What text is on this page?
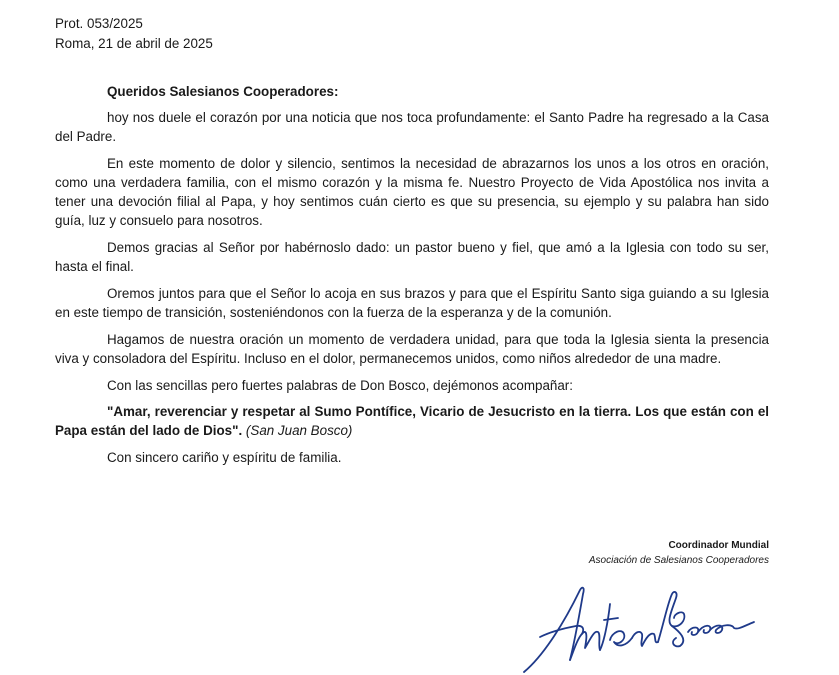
Prot. 053/2025
Roma, 21 de abril de 2025

Queridos Salesianos Cooperadores:

hoy nos duele el corazón por una noticia que nos toca profundamente: el Santo Padre ha regresado a la Casa del Padre.

En este momento de dolor y silencio, sentimos la necesidad de abrazarnos los unos a los otros en oración, como una verdadera familia, con el mismo corazón y la misma fe. Nuestro Proyecto de Vida Apostólica nos invita a tener una devoción filial al Papa, y hoy sentimos cuán cierto es que su presencia, su ejemplo y su palabra han sido guía, luz y consuelo para nosotros.

Demos gracias al Señor por habérnoslo dado: un pastor bueno y fiel, que amó a la Iglesia con todo su ser, hasta el final.

Oremos juntos para que el Señor lo acoja en sus brazos y para que el Espíritu Santo siga guiando a su Iglesia en este tiempo de transición, sosteniéndonos con la fuerza de la esperanza y de la comunión.

Hagamos de nuestra oración un momento de verdadera unidad, para que toda la Iglesia sienta la presencia viva y consoladora del Espíritu. Incluso en el dolor, permanecemos unidos, como niños alrededor de una madre.

Con las sencillas pero fuertes palabras de Don Bosco, dejémonos acompañar:

"Amar, reverenciar y respetar al Sumo Pontífice, Vicario de Jesucristo en la tierra. Los que están con el Papa están del lado de Dios". (San Juan Bosco)

Con sincero cariño y espíritu de familia.

Coordinador Mundial
Asociación de Salesianos Cooperadores
